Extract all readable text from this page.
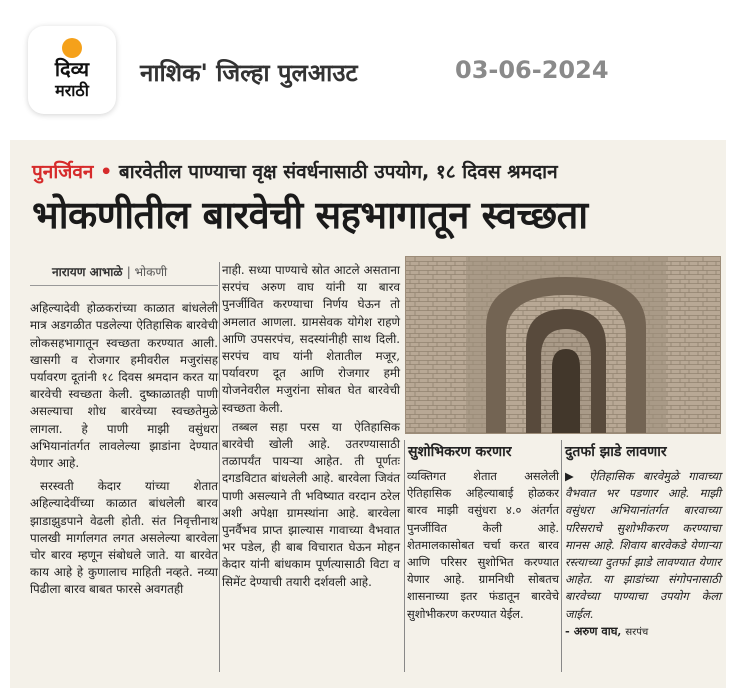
दिव्य
मराठी
नाशिक' जिल्हा पुलआउट	03-06-2024
पुनर्जिवन • बारवेतील पाण्याचा वृक्ष संवर्धनासाठी उपयोग, १८ दिवस श्रमदान
भोकणीतील बारवेची सहभागातून स्वच्छता
नारायण आभाळे | भोकणी

अहिल्यादेवी होळकरांच्या काळात बांधलेली मात्र अडगळीत पडलेल्या ऐतिहासिक बारवेची लोकसहभागातून स्वच्छता करण्यात आली. खासगी व रोजगार हमीवरील मजुरांसह पर्यावरण दूतांनी १८ दिवस श्रमदान करत या बारवेची स्वच्छता केली. दुष्काळातही पाणी असल्याचा शोध बारवेच्या स्वच्छतेमुळे लागला. हे पाणी माझी वसुंधरा अभियानांतर्गत लावलेल्या झाडांना देण्यात येणार आहे.

सरस्वती केदार यांच्या शेतात अहिल्यादेवींच्या काळात बांधलेली बारव झाडाझुडपाने वेढली होती. संत निवृत्तीनाथ पालखी मार्गालगत लगत असलेल्या बारवेला चोर बारव म्हणून संबोधले जाते. या बारवेत काय आहे हे कुणालाच माहिती नव्हते. नव्या पिढीला बारव बाबत फारसे अवगतही

नाही. सध्या पाण्याचे स्रोत आटले असताना सरपंच अरुण वाघ यांनी या बारव पुनर्जीवित करण्याचा निर्णय घेऊन तो अमलात आणला. ग्रामसेवक योगेश राहणे आणि उपसरपंच, सदस्यांनीही साथ दिली. सरपंच वाघ यांनी शेतातील मजूर, पर्यावरण दूत आणि रोजगार हमी योजनेवरील मजुरांना सोबत घेत बारवेची स्वच्छता केली.

तब्बल सहा परस या ऐतिहासिक बारवेची खोली आहे. उतरण्यासाठी तळापर्यंत पायऱ्या आहेत. ती पूर्णतः दगडविटात बांधलेली आहे. बारवेला जिवंत पाणी असल्याने ती भविष्यात वरदान ठरेल अशी अपेक्षा ग्रामस्थांना आहे. बारवेला पुनर्वैभव प्राप्त झाल्यास गावाच्या वैभवात भर पडेल, ही बाब विचारात घेऊन मोहन केदार यांनी बांधकाम पूर्णत्यासाठी विटा व सिमेंट देण्याची तयारी दर्शवली आहे.

सुशोभिकरण करणार	दुतर्फा झाडे लावणार

व्यक्तिगत शेतात असलेली ऐतिहासिक अहिल्याबाई होळकर बारव माझी वसुंधरा ४.० अंतर्गत पुनर्जीवित केली आहे. शेतमालकासोबत चर्चा करत बारव आणि परिसर सुशोभित करण्यात येणार आहे. ग्रामनिधी सोबतच शासनाच्या इतर फंडातून बारवेचे सुशोभीकरण करण्यात येईल.

▶ ऐतिहासिक बारवेमुळे गावाच्या वैभवात भर पडणार आहे. माझी वसुंधरा अभियानांतर्गत बारवाच्या परिसराचे सुशोभीकरण करण्याचा मानस आहे. शिवाय बारवेकडे येणाऱ्या रस्त्याच्या दुतर्फा झाडे लावण्यात येणार आहेत. या झाडांच्या संगोपनासाठी बारवेच्या पाण्याचा उपयोग केला जाईल.

- अरुण वाघ, सरपंच
